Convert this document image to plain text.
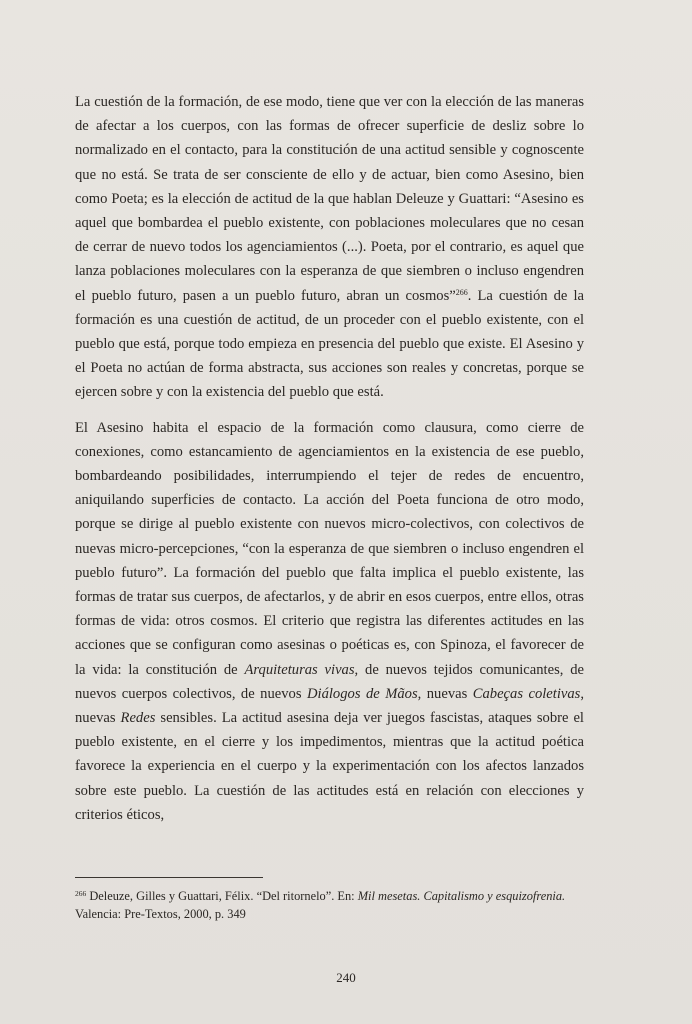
La cuestión de la formación, de ese modo, tiene que ver con la elección de las maneras de afectar a los cuerpos, con las formas de ofrecer superficie de desliz sobre lo normalizado en el contacto, para la constitución de una actitud sensible y cognoscente que no está. Se trata de ser consciente de ello y de actuar, bien como Asesino, bien como Poeta; es la elección de actitud de la que hablan Deleuze y Guattari: “Asesino es aquel que bombardea el pueblo existente, con poblaciones moleculares que no cesan de cerrar de nuevo todos los agenciamientos (...). Poeta, por el contrario, es aquel que lanza poblaciones moleculares con la esperanza de que siembren o incluso engendren el pueblo futuro, pasen a un pueblo futuro, abran un cosmos”$^{266}$. La cuestión de la formación es una cuestión de actitud, de un proceder con el pueblo existente, con el pueblo que está, porque todo empieza en presencia del pueblo que existe. El Asesino y el Poeta no actúan de forma abstracta, sus acciones son reales y concretas, porque se ejercen sobre y con la existencia del pueblo que está.

El Asesino habita el espacio de la formación como clausura, como cierre de conexiones, como estancamiento de agenciamientos en la existencia de ese pueblo, bombardeando posibilidades, interrumpiendo el tejer de redes de encuentro, aniquilando superficies de contacto. La acción del Poeta funciona de otro modo, porque se dirige al pueblo existente con nuevos micro-colectivos, con colectivos de nuevas micro-percepciones, “con la esperanza de que siembren o incluso engendren el pueblo futuro”. La formación del pueblo que falta implica el pueblo existente, las formas de tratar sus cuerpos, de afectarlos, y de abrir en esos cuerpos, entre ellos, otras formas de vida: otros cosmos. El criterio que registra las diferentes actitudes en las acciones que se configuran como asesinas o poéticas es, con Spinoza, el favorecer de la vida: la constitución de Arquiteturas vivas, de nuevos tejidos comunicantes, de nuevos cuerpos colectivos, de nuevos Diálogos de Mãos, nuevas Cabeças coletivas, nuevas Redes sensibles. La actitud asesina deja ver juegos fascistas, ataques sobre el pueblo existente, en el cierre y los impedimentos, mientras que la actitud poética favorece la experiencia en el cuerpo y la experimentación con los afectos lanzados sobre este pueblo. La cuestión de las actitudes está en relación con elecciones y criterios éticos,

$^{266}$ Deleuze, Gilles y Guattari, Félix. “Del ritornelo”. En: Mil mesetas. Capitalismo y esquizofrenia. Valencia: Pre-Textos, 2000, p. 349
240
